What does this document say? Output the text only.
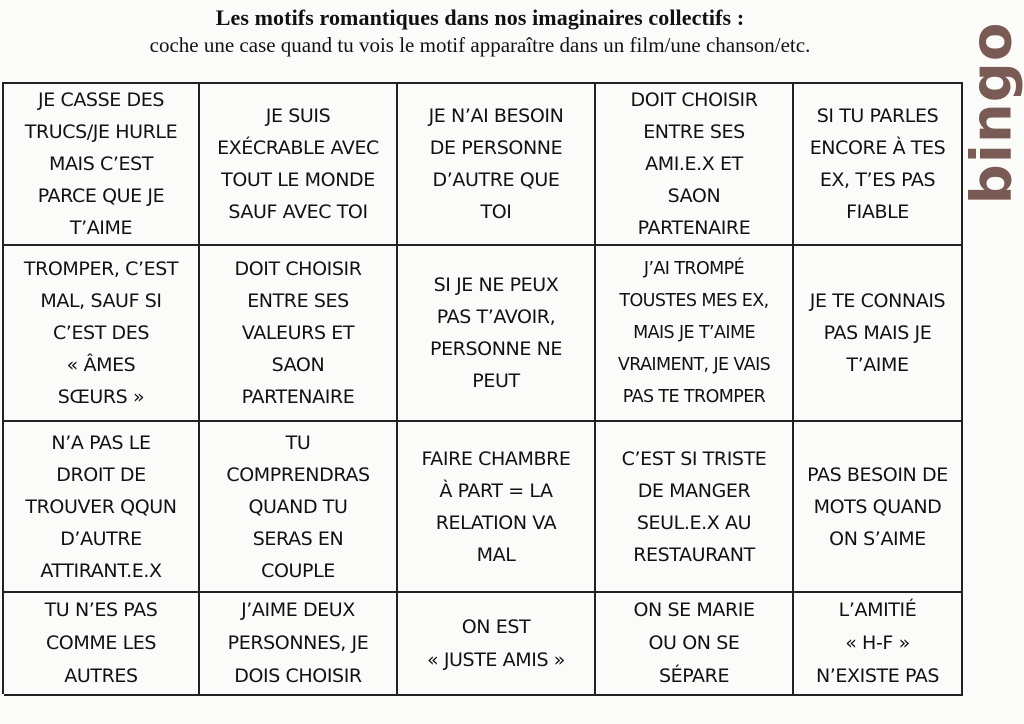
Les motifs romantiques dans nos imaginaires collectifs :
coche une case quand tu vois le motif apparaître dans un film/une chanson/etc.	bingo
JE CASSE DES
TRUCS/JE HURLE
MAIS C’EST
PARCE QUE JE
T’AIME
JE SUIS
EXÉCRABLE AVEC
TOUT LE MONDE
SAUF AVEC TOI
JE N’AI BESOIN
DE PERSONNE
D’AUTRE QUE
TOI
DOIT CHOISIR
ENTRE SES
AMI.E.X ET
SAON
PARTENAIRE
SI TU PARLES
ENCORE À TES
EX, T’ES PAS
FIABLE
TROMPER, C’EST
MAL, SAUF SI
C’EST DES
« ÂMES
SŒURS »
DOIT CHOISIR
ENTRE SES
VALEURS ET
SAON
PARTENAIRE
SI JE NE PEUX
PAS T’AVOIR,
PERSONNE NE
PEUT
J’AI TROMPÉ
TOUSTES MES EX,
MAIS JE T’AIME
VRAIMENT, JE VAIS
PAS TE TROMPER
JE TE CONNAIS
PAS MAIS JE
T’AIME
N’A PAS LE
DROIT DE
TROUVER QQUN
D’AUTRE
ATTIRANT.E.X
TU
COMPRENDRAS
QUAND TU
SERAS EN
COUPLE
FAIRE CHAMBRE
À PART = LA
RELATION VA
MAL
C’EST SI TRISTE
DE MANGER
SEUL.E.X AU
RESTAURANT
PAS BESOIN DE
MOTS QUAND
ON S’AIME
TU N’ES PAS
COMME LES
AUTRES
J’AIME DEUX
PERSONNES, JE
DOIS CHOISIR
ON EST
« JUSTE AMIS »
ON SE MARIE
OU ON SE
SÉPARE
L’AMITIÉ
« H-F »
N’EXISTE PAS
